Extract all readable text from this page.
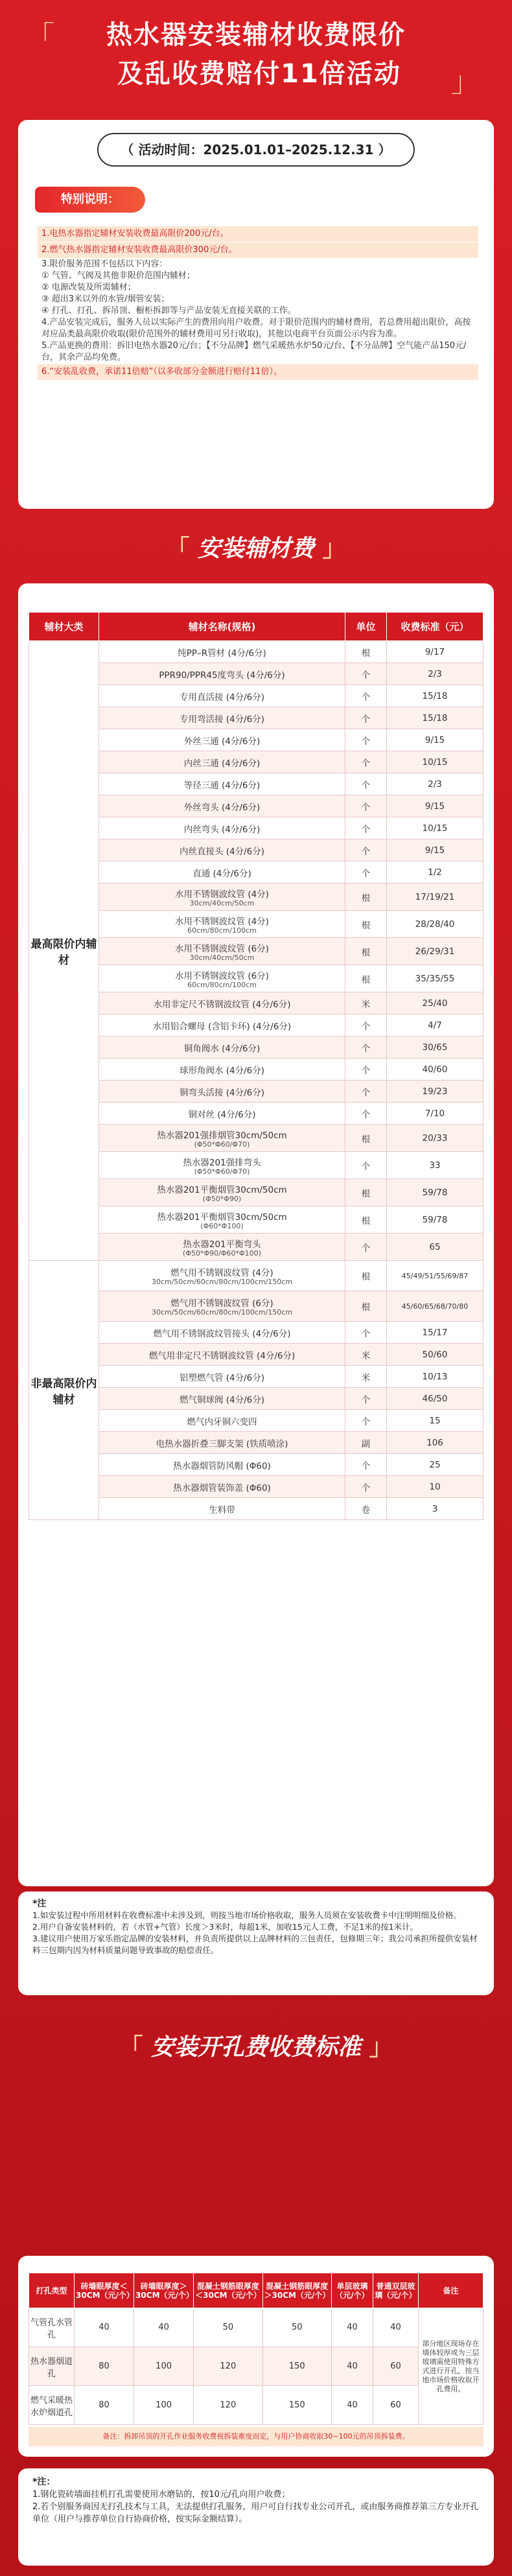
「	热水器安装辅材收费限价
及乱收费赔付11倍活动	」
（ 活动时间：2025.01.01–2025.12.31 ）
特别说明：
1.电热水器指定辅材安装收费最高限价200元/台。
2.燃气热水器指定辅材安装收费最高限价300元/台。
3.限价服务范围不包括以下内容：
① 气管、气阀及其他非限价范围内辅材；
② 电源改装及所需辅材；
③ 超出3米以外的水管/烟管安装；
④ 打孔、打孔、拆吊顶、橱柜拆卸等与产品安装无直接关联的工作。
4.产品安装完成后，服务人员以实际产生的费用向用户收费。对于限价范围内的辅材费用，若总费用超出限价，高按对应品类最高限价收取(限价范围外的辅材费用可另行收取)，其他以电商平台页面公示内容为准。
5.产品更换的费用：拆旧电热水器20元/台；【不分品牌】燃气采暖热水炉50元/台、【不分品牌】空气能产品150元/台，其余产品均免费。
6.“安装乱收费，承诺11倍赔”（以多收部分金额进行赔付11倍）。
「 安装辅材费 」
辅材大类	辅材名称(规格)	单位	收费标准（元）
最高限价内辅材	纯PP–R管材 (4分/6分)	根	9/17
	PPR90/PPR45度弯头 (4分/6分)	个	2/3
	专用直活接 (4分/6分)	个	15/18
	专用弯活接 (4分/6分)	个	15/18
	外丝三通 (4分/6分)	个	9/15
	内丝三通 (4分/6分)	个	10/15
	等径三通 (4分/6分)	个	2/3
	外丝弯头 (4分/6分)	个	9/15
	内丝弯头 (4分/6分)	个	10/15
	内丝直接头 (4分/6分)	个	9/15
	直通 (4分/6分)	个	1/2
	水用不锈钢波纹管 (4分)
30cm/40cm/50cm	根	17/19/21
	水用不锈钢波纹管 (4分)
60cm/80cm/100cm	根	28/28/40
	水用不锈钢波纹管 (6分)
30cm/40cm/50cm	根	26/29/31
	水用不锈钢波纹管 (6分)
60cm/80cm/100cm	根	35/35/55
	水用非定尺不锈钢波纹管 (4分/6分)	米	25/40
	水用铝合螺母 (含铝卡环) (4分/6分)	个	4/7
	铜角阀水 (4分/6分)	个	30/65
	球形角阀水 (4分/6分)	个	40/60
	铜弯头活接 (4分/6分)	个	19/23
	铜对丝 (4分/6分)	个	7/10
	热水器201强排烟管30cm/50cm
(Φ50*Φ60/Φ70)	根	20/33
	热水器201强排弯头
(Φ50*Φ60/Φ70)	个	33
	热水器201平衡烟管30cm/50cm
(Φ50*Φ90)	根	59/78
	热水器201平衡烟管30cm/50cm
(Φ60*Φ100)	根	59/78
	热水器201平衡弯头
(Φ50*Φ90/Φ60*Φ100)	个	65
非最高限价内辅材	燃气用不锈钢波纹管 (4分)
30cm/50cm/60cm/80cm/100cm/150cm	根	45/49/51/55/69/87
	燃气用不锈钢波纹管 (6分)
30cm/50cm/60cm/80cm/100cm/150cm	根	45/60/65/68/70/80
	燃气用不锈钢波纹管接头 (4分/6分)	个	15/17
	燃气用非定尺不锈钢波纹管 (4分/6分)	米	50/60
	铝塑燃气管 (4分/6分)	米	10/13
	燃气铜球阀 (4分/6分)	个	46/50
	燃气内牙铜六变四	个	15
	电热水器折叠三脚支架 (铁质喷涂)	副	106
	热水器烟管防风帽 (Φ60)	个	25
	热水器烟管装饰盖 (Φ60)	个	10
	生料带	卷	3
*注
1.如安装过程中所用材料在收费标准中未涉及到，则按当地市场价格收取，服务人员须在安装收费卡中注明明细及价格。
2.用户自备安装材料的，若（水管+气管）长度＞3米时，每超1米，加收15元人工费，不足1米的按1米计。
3.建议用户使用万家乐指定品牌的安装材料，并负责所提供以上品牌材料的三包责任，包修期三年；我公司承担所提供安装材料三包期内因为材料质量问题导致事故的赔偿责任。
「 安装开孔费收费标准 」
打孔类型	砖墙眼厚度＜30CM（元/个）	砖墙眼厚度＞30CM（元/个）	混凝土钢筋眼厚度＜30CM（元/个）	混凝土钢筋眼厚度＞30CM（元/个）	单层玻璃（元/个）	普通双层玻璃（元/个）	备注
气管孔水管孔	40	40	50	50	40	40	部分地区现场存在墙体较厚或为三层玻璃需使用特殊方式进行开孔，按当地市场价格收取开孔费用。
热水器烟道孔	80	100	120	150	40	60	
燃气采暖热水炉烟道孔	80	100	120	150	40	60	
备注：拆卸吊顶的开孔作业服务收费视拆装难度而定，与用户协商收取30~100元的吊顶拆装费。
*注：
1.钢化瓷砖墙面挂机打孔需要使用水磨钻的，按10元/孔向用户收费；
2.若个别服务商因无打孔技术与工具，无法提供打孔服务，用户可自行找专业公司开孔，或由服务商推荐第三方专业开孔单位（用户与推荐单位自行协商价格，按实际金额结算）。
